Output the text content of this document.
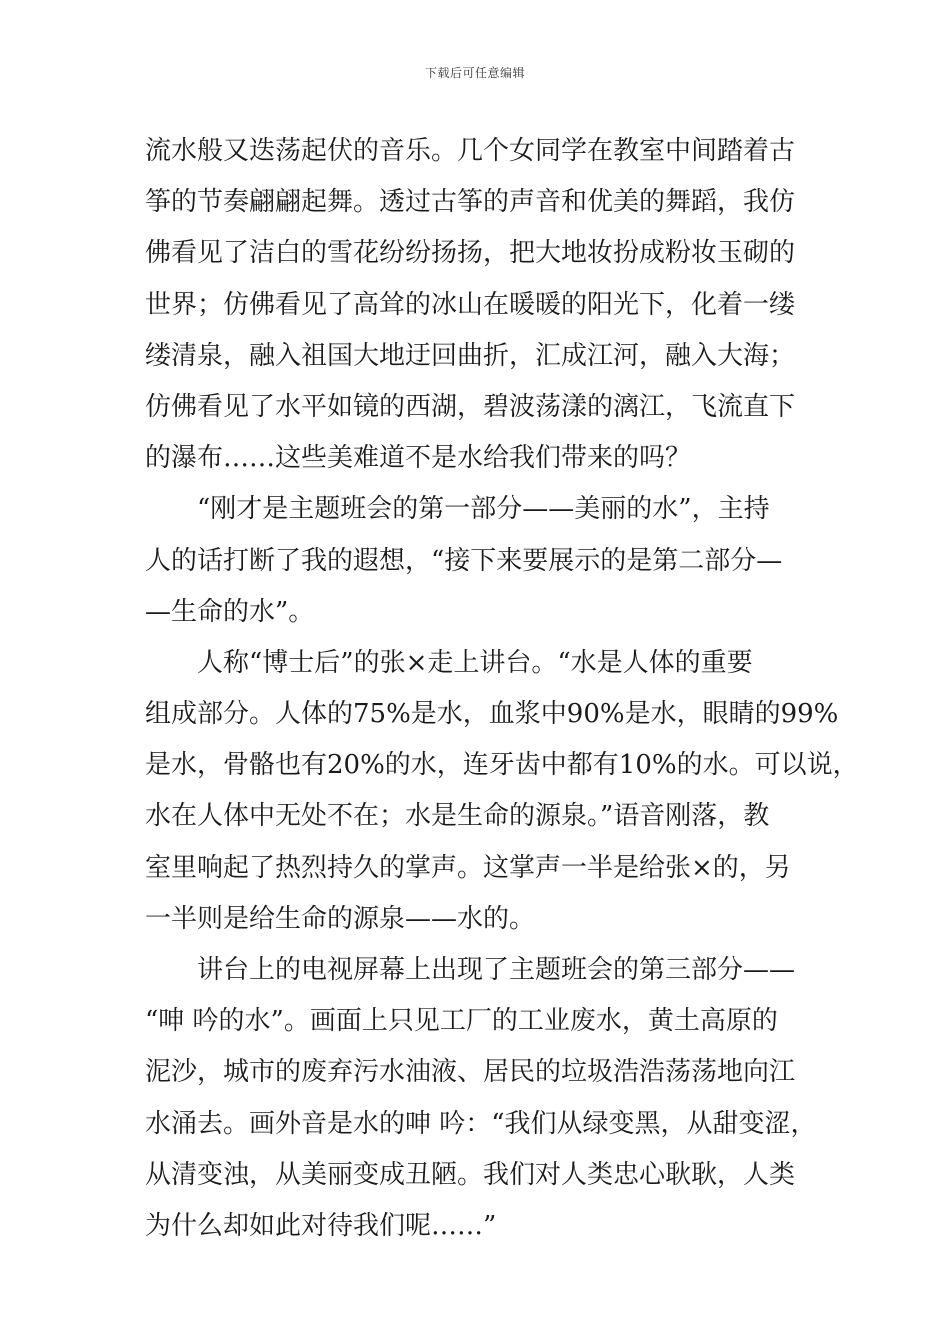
下载后可任意编辑
流水般又迭荡起伏的音乐。几个女同学在教室中间踏着古
筝的节奏翩翩起舞。透过古筝的声音和优美的舞蹈，我仿
佛看见了洁白的雪花纷纷扬扬，把大地妆扮成粉妆玉砌的
世界；仿佛看见了高耸的冰山在暖暖的阳光下，化着一缕
缕清泉，融入祖国大地迂回曲折，汇成江河，融入大海；
仿佛看见了水平如镜的西湖，碧波荡漾的漓江，飞流直下
的瀑布……这些美难道不是水给我们带来的吗？
“刚才是主题班会的第一部分——美丽的水”，主持
人的话打断了我的遐想，“接下来要展示的是第二部分—
—生命的水”。
人称“博士后”的张×走上讲台。“水是人体的重要
组成部分。人体的75%是水，血浆中90%是水，眼睛的99%
是水，骨骼也有20%的水，连牙齿中都有10%的水。可以说，
水在人体中无处不在；水是生命的源泉。”语音刚落，教
室里响起了热烈持久的掌声。这掌声一半是给张×的，另
一半则是给生命的源泉——水的。
讲台上的电视屏幕上出现了主题班会的第三部分——
“呻 吟的水”。画面上只见工厂的工业废水，黄土高原的
泥沙，城市的废弃污水油液、居民的垃圾浩浩荡荡地向江
水涌去。画外音是水的呻 吟：“我们从绿变黑，从甜变涩，
从清变浊，从美丽变成丑陋。我们对人类忠心耿耿，人类
为什么却如此对待我们呢……”
